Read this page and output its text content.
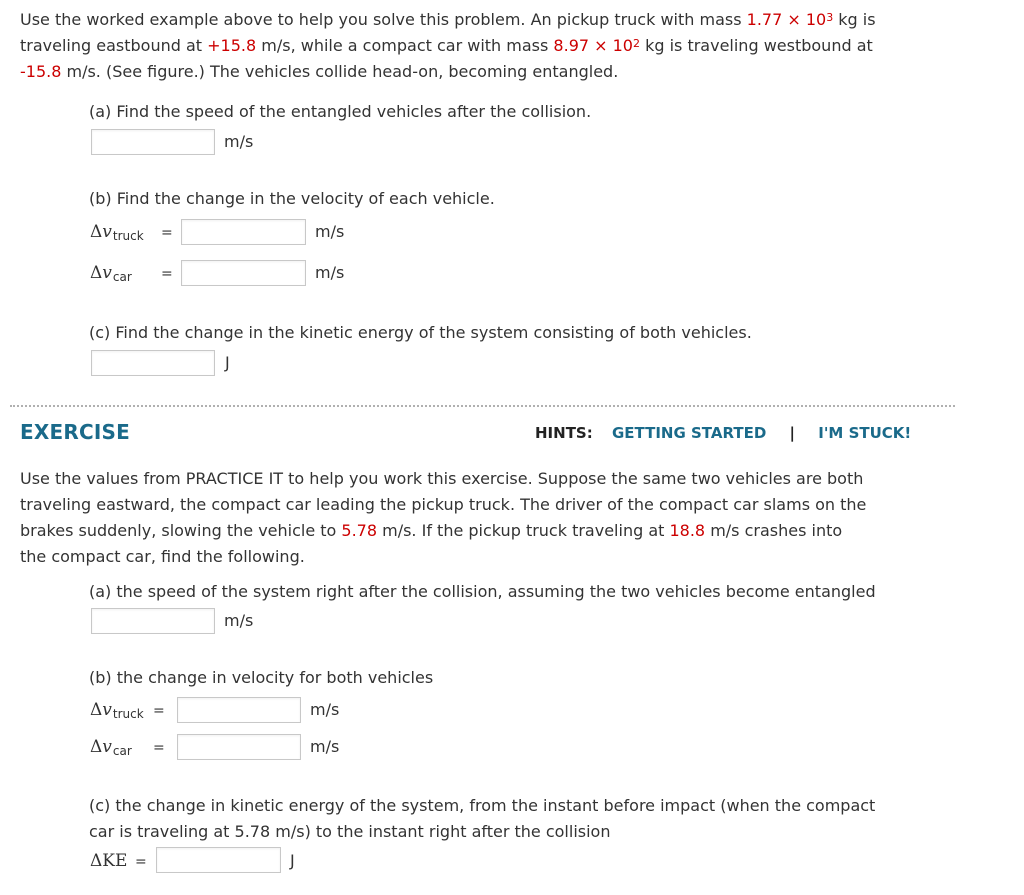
Use the worked example above to help you solve this problem. An pickup truck with mass $1.77 \times 10^3$ kg is
traveling eastbound at +15.8 m/s, while a compact car with mass $8.97 \times 10^2$ kg is traveling westbound at
-15.8 m/s. (See figure.) The vehicles collide head-on, becoming entangled.
(a) Find the speed of the entangled vehicles after the collision.
m/s
(b) Find the change in the velocity of each vehicle.
Δvtruck =	m/s
Δvcar =	m/s
(c) Find the change in the kinetic energy of the system consisting of both vehicles.
J
EXERCISE	HINTS: GETTING STARTED | I'M STUCK!
Use the values from PRACTICE IT to help you work this exercise. Suppose the same two vehicles are both
traveling eastward, the compact car leading the pickup truck. The driver of the compact car slams on the
brakes suddenly, slowing the vehicle to 5.78 m/s. If the pickup truck traveling at 18.8 m/s crashes into
the compact car, find the following.
(a) the speed of the system right after the collision, assuming the two vehicles become entangled
m/s
(b) the change in velocity for both vehicles
Δvtruck =	m/s
Δvcar =	m/s
(c) the change in kinetic energy of the system, from the instant before impact (when the compact
car is traveling at 5.78 m/s) to the instant right after the collision
ΔKE =	J
